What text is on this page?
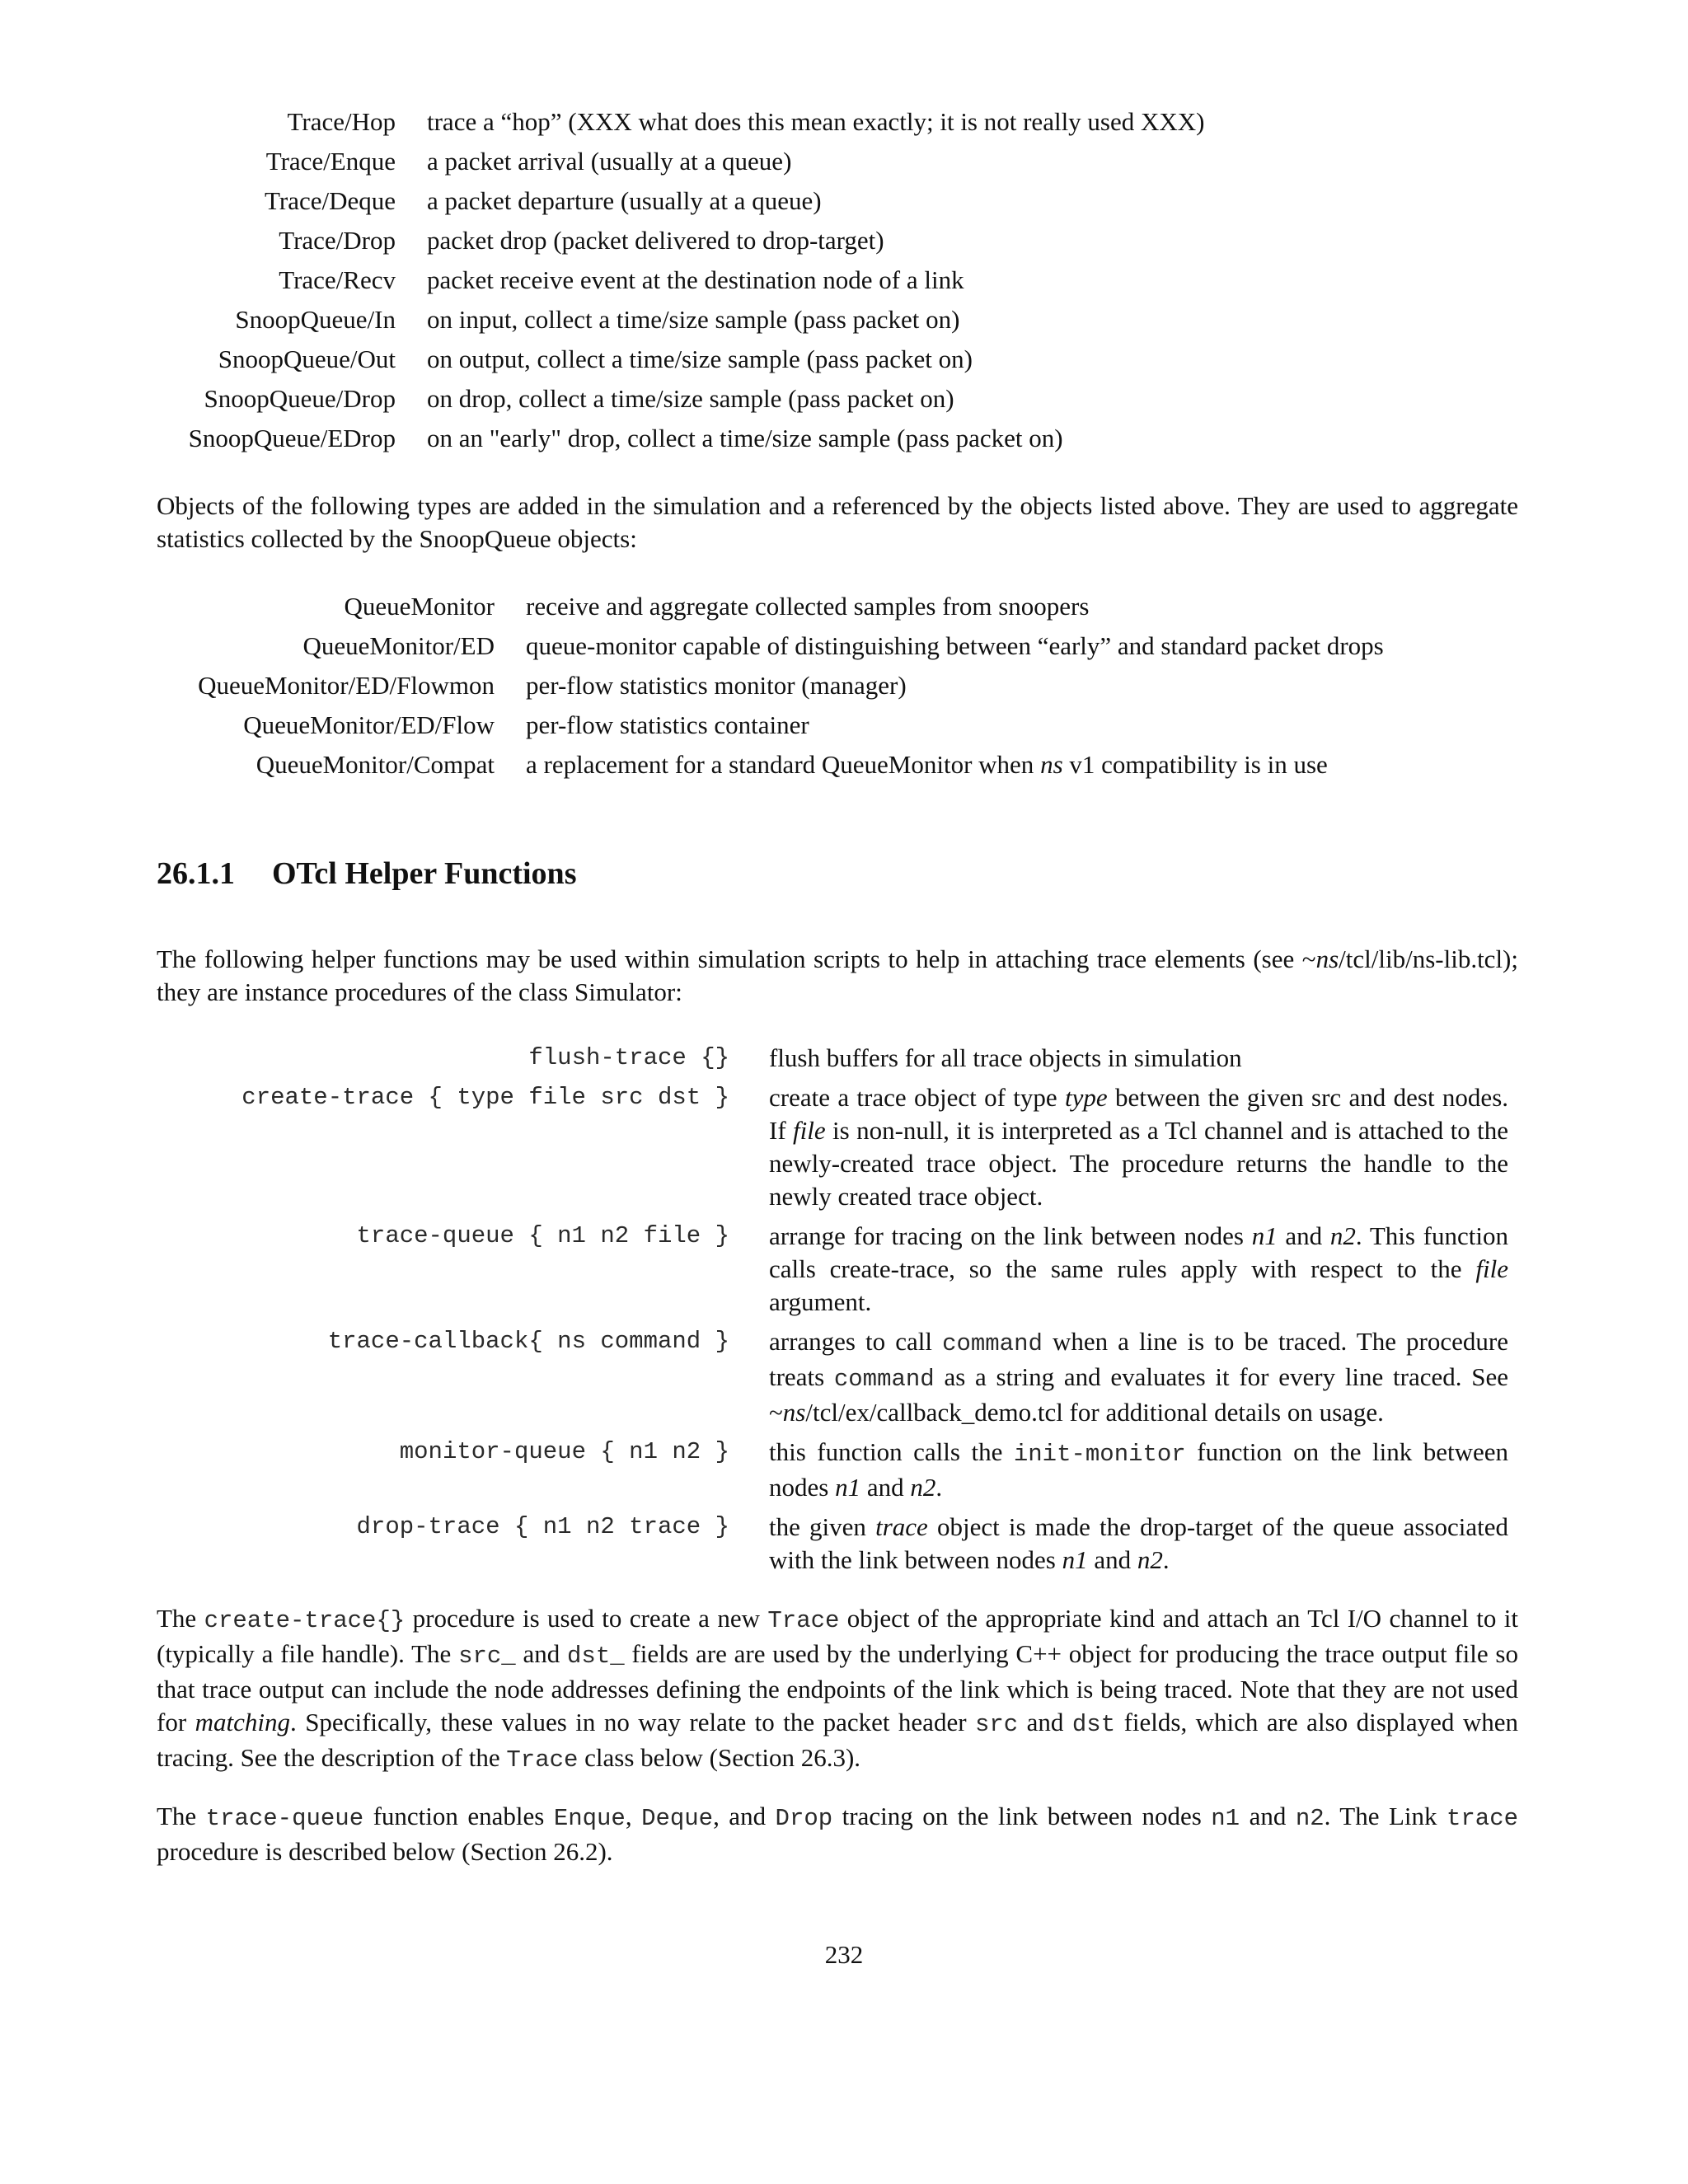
Trace/Hop	trace a “hop” (XXX what does this mean exactly; it is not really used XXX)
Trace/Enque	a packet arrival (usually at a queue)
Trace/Deque	a packet departure (usually at a queue)
Trace/Drop	packet drop (packet delivered to drop-target)
Trace/Recv	packet receive event at the destination node of a link
SnoopQueue/In	on input, collect a time/size sample (pass packet on)
SnoopQueue/Out	on output, collect a time/size sample (pass packet on)
SnoopQueue/Drop	on drop, collect a time/size sample (pass packet on)
SnoopQueue/EDrop	on an "early" drop, collect a time/size sample (pass packet on)

Objects of the following types are added in the simulation and a referenced by the objects listed above. They are used to aggregate statistics collected by the SnoopQueue objects:

QueueMonitor	receive and aggregate collected samples from snoopers
QueueMonitor/ED	queue-monitor capable of distinguishing between “early” and standard packet drops
QueueMonitor/ED/Flowmon	per-flow statistics monitor (manager)
QueueMonitor/ED/Flow	per-flow statistics container
QueueMonitor/Compat	a replacement for a standard QueueMonitor when ns v1 compatibility is in use
26.1.1 OTcl Helper Functions

The following helper functions may be used within simulation scripts to help in attaching trace elements (see ~ns/tcl/lib/ns-lib.tcl); they are instance procedures of the class Simulator:

flush-trace {}	flush buffers for all trace objects in simulation
create-trace { type file src dst }	create a trace object of type type between the given src and dest nodes. If file is non-null, it is interpreted as a Tcl channel and is attached to the newly-created trace object. The procedure returns the handle to the newly created trace object.
trace-queue { n1 n2 file }	arrange for tracing on the link between nodes n1 and n2. This function calls create-trace, so the same rules apply with respect to the file argument.
trace-callback{ ns command }	arranges to call command when a line is to be traced. The procedure treats command as a string and evaluates it for every line traced. See ~ns/tcl/ex/callback_demo.tcl for additional details on usage.
monitor-queue { n1 n2 }	this function calls the init-monitor function on the link between nodes n1 and n2.
drop-trace { n1 n2 trace }	the given trace object is made the drop-target of the queue associated with the link between nodes n1 and n2.

The create-trace{} procedure is used to create a new Trace object of the appropriate kind and attach an Tcl I/O channel to it (typically a file handle). The src_ and dst_ fields are are used by the underlying C++ object for producing the trace output file so that trace output can include the node addresses defining the endpoints of the link which is being traced. Note that they are not used for matching. Specifically, these values in no way relate to the packet header src and dst fields, which are also displayed when tracing. See the description of the Trace class below (Section 26.3).

The trace-queue function enables Enque, Deque, and Drop tracing on the link between nodes n1 and n2. The Link trace procedure is described below (Section 26.2).

232
